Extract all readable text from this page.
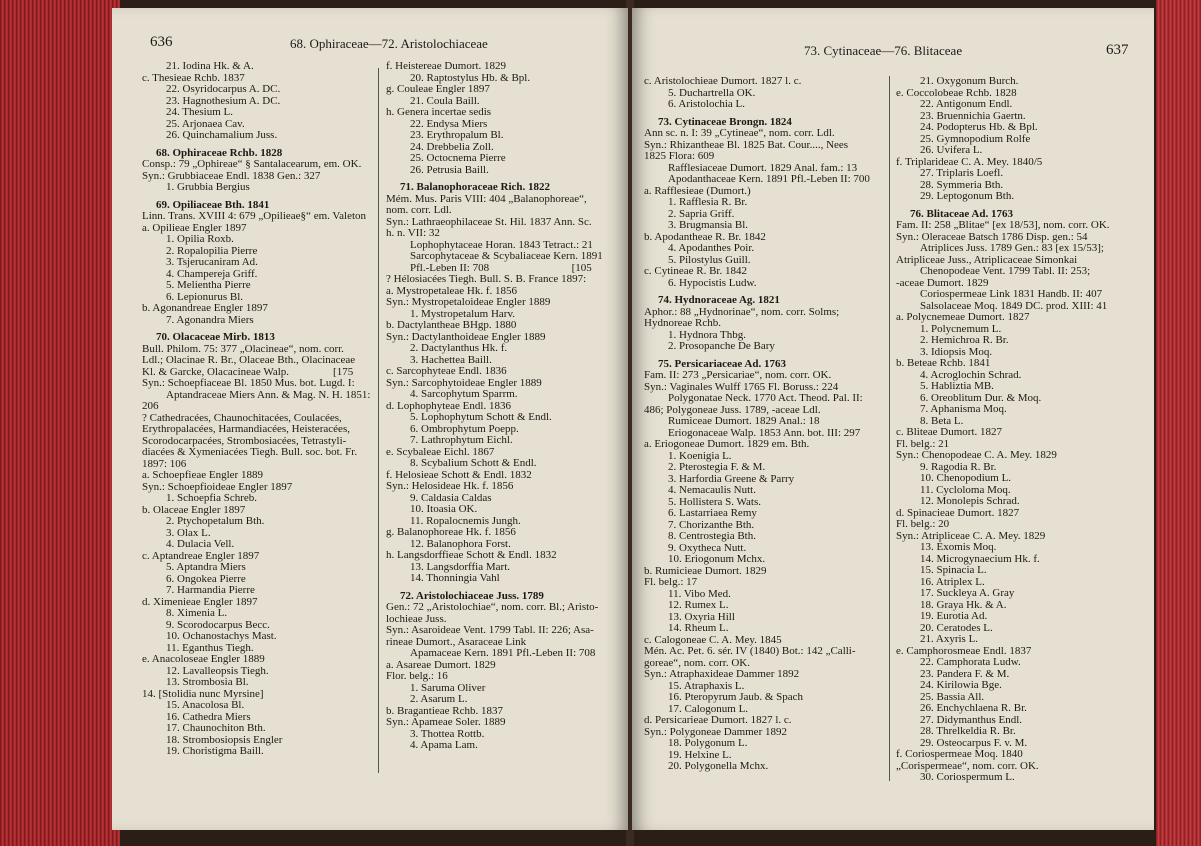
636	68. Ophiraceae—72. Aristolochiaceae
21. Iodina Hk. & A.
c. Thesieae Rchb. 1837
22. Osyridocarpus A. DC.
23. Hagnothesium A. DC.
24. Thesium L.
25. Arjonaea Cav.
26. Quinchamalium Juss.
68. Ophiraceae Rchb. 1828
Consp.: 79 „Ophireae“ § Santalacearum, em. OK.
Syn.: Grubbiaceae Endl. 1838 Gen.: 327
1. Grubbia Bergius
69. Opiliaceae Bth. 1841
Linn. Trans. XVIII 4: 679 „Opilieae§“ em. Valeton
a. Opilieae Engler 1897
1. Opilia Roxb.
2. Ropalopilia Pierre
3. Tsjerucaniram Ad.
4. Champereja Griff.
5. Melientha Pierre
6. Lepionurus Bl.
b. Agonandreae Engler 1897
7. Agonandra Miers
70. Olacaceae Mirb. 1813
Bull. Philom. 75: 377 „Olacineae“, nom. corr.
Ldl.; Olacinae R. Br., Olaceae Bth., Olacinaceae
Kl. & Garcke, Olacacineae Walp.                [175
Syn.: Schoepfiaceae Bl. 1850 Mus. bot. Lugd. I:
Aptandraceae Miers Ann. & Mag. N. H. 1851:
206
? Cathedracées, Chaunochitacées, Coulacées,
Erythropalacées, Harmandiacées, Heisteracées,
Scorodocarpacées, Strombosiacées, Tetrastyli-
diacées & Xymeniacées Tiegh. Bull. soc. bot. Fr.
1897: 106
a. Schoepfieae Engler 1889
Syn.: Schoepfioideae Engler 1897
1. Schoepfia Schreb.
b. Olaceae Engler 1897
2. Ptychopetalum Bth.
3. Olax L.
4. Dulacia Vell.
c. Aptandreae Engler 1897
5. Aptandra Miers
6. Ongokea Pierre
7. Harmandia Pierre
d. Ximenieae Engler 1897
8. Ximenia L.
9. Scorodocarpus Becc.
10. Ochanostachys Mast.
11. Eganthus Tiegh.
e. Anacoloseae Engler 1889
12. Lavalleopsis Tiegh.
13. Strombosia Bl.
14. [Stolidia nunc Myrsine]
15. Anacolosa Bl.
16. Cathedra Miers
17. Chaunochiton Bth.
18. Strombosiopsis Engler
19. Choristigma Baill.
f. Heistereae Dumort. 1829
20. Raptostylus Hb. & Bpl.
g. Couleae Engler 1897
21. Coula Baill.
h. Genera incertae sedis
22. Endysa Miers
23. Erythropalum Bl.
24. Drebbelia Zoll.
25. Octocnema Pierre
26. Petrusia Baill.
71. Balanophoraceae Rich. 1822
Mém. Mus. Paris VIII: 404 „Balanophoreae“,
nom. corr. Ldl.
Syn.: Lathraeophilaceae St. Hil. 1837 Ann. Sc.
h. n. VII: 32
Lophophytaceae Horan. 1843 Tetract.: 21
Sarcophytaceae & Scybaliaceae Kern. 1891
Pfl.-Leben II: 708                              [105
? Hélosiacées Tiegh. Bull. S. B. France 1897:
a. Mystropetaleae Hk. f. 1856
Syn.: Mystropetaloideae Engler 1889
1. Mystropetalum Harv.
b. Dactylantheae BHgp. 1880
Syn.: Dactylanthoideae Engler 1889
2. Dactylanthus Hk. f.
3. Hachettea Baill.
c. Sarcophyteae Endl. 1836
Syn.: Sarcophytoideae Engler 1889
4. Sarcophytum Sparrm.
d. Lophophyteae Endl. 1836
5. Lophophytum Schott & Endl.
6. Ombrophytum Poepp.
7. Lathrophytum Eichl.
e. Scybaleae Eichl. 1867
8. Scybalium Schott & Endl.
f. Helosieae Schott & Endl. 1832
Syn.: Helosideae Hk. f. 1856
9. Caldasia Caldas
10. Itoasia OK.
11. Ropalocnemis Jungh.
g. Balanophoreae Hk. f. 1856
12. Balanophora Forst.
h. Langsdorffieae Schott & Endl. 1832
13. Langsdorffia Mart.
14. Thonningia Vahl
72. Aristolochiaceae Juss. 1789
Gen.: 72 „Aristolochiae“, nom. corr. Bl.; Aristo-
lochieae Juss.
Syn.: Asaroideae Vent. 1799 Tabl. II: 226; Asa-
rineae Dumort., Asaraceae Link
Apamaceae Kern. 1891 Pfl.-Leben II: 708
a. Asareae Dumort. 1829
Flor. belg.: 16
1. Saruma Oliver
2. Asarum L.
b. Bragantieae Rchb. 1837
Syn.: Apameae Soler. 1889
3. Thottea Rottb.
4. Apama Lam.
73. Cytinaceae—76. Blitaceae	637
c. Aristolochieae Dumort. 1827 l. c.
5. Duchartrella OK.
6. Aristolochia L.
73. Cytinaceae Brongn. 1824
Ann sc. n. I: 39 „Cytineae“, nom. corr. Ldl.
Syn.: Rhizantheae Bl. 1825 Bat. Cour...., Nees
1825 Flora: 609
Rafflesiaceae Dumort. 1829 Anal. fam.: 13
Apodanthaceae Kern. 1891 Pfl.-Leben II: 700
a. Rafflesieae (Dumort.)
1. Rafflesia R. Br.
2. Sapria Griff.
3. Brugmansia Bl.
b. Apodantheae R. Br. 1842
4. Apodanthes Poir.
5. Pilostylus Guill.
c. Cytineae R. Br. 1842
6. Hypocistis Ludw.
74. Hydnoraceae Ag. 1821
Aphor.: 88 „Hydnorinae“, nom. corr. Solms;
Hydnoreae Rchb.
1. Hydnora Thbg.
2. Prosopanche De Bary
75. Persicariaceae Ad. 1763
Fam. II: 273 „Persicariae“, nom. corr. OK.
Syn.: Vaginales Wulff 1765 Fl. Boruss.: 224
Polygonatae Neck. 1770 Act. Theod. Pal. II:
486; Polygoneae Juss. 1789, -aceae Ldl.
Rumiceae Dumort. 1829 Anal.: 18
Eriogonaceae Walp. 1853 Ann. bot. III: 297
a. Eriogoneae Dumort. 1829 em. Bth.
1. Koenigia L.
2. Pterostegia F. & M.
3. Harfordia Greene & Parry
4. Nemacaulis Nutt.
5. Hollistera S. Wats.
6. Lastarriaea Remy
7. Chorizanthe Bth.
8. Centrostegia Bth.
9. Oxytheca Nutt.
10. Eriogonum Mchx.
b. Rumicieae Dumort. 1829
Fl. belg.: 17
11. Vibo Med.
12. Rumex L.
13. Oxyria Hill
14. Rheum L.
c. Calogoneae C. A. Mey. 1845
Mén. Ac. Pet. 6. sér. IV (1840) Bot.: 142 „Calli-
goreae“, nom. corr. OK.
Syn.: Atraphaxideae Dammer 1892
15. Atraphaxis L.
16. Pteropyrum Jaub. & Spach
17. Calogonum L.
d. Persicarieae Dumort. 1827 l. c.
Syn.: Polygoneae Dammer 1892
18. Polygonum L.
19. Helxine L.
20. Polygonella Mchx.
21. Oxygonum Burch.
e. Coccolobeae Rchb. 1828
22. Antigonum Endl.
23. Bruennichia Gaertn.
24. Podopterus Hb. & Bpl.
25. Gymnopodium Rolfe
26. Uvifera L.
f. Triplarideae C. A. Mey. 1840/5
27. Triplaris Loefl.
28. Symmeria Bth.
29. Leptogonum Bth.
76. Blitaceae Ad. 1763
Fam. II: 258 „Blitae“ [ex 18/53], nom. corr. OK.
Syn.: Oleraceae Batsch 1786 Disp. gen.: 54
Atriplices Juss. 1789 Gen.: 83 [ex 15/53];
Atripliceae Juss., Atriplicaceae Simonkai
Chenopodeae Vent. 1799 Tabl. II: 253;
-aceae Dumort. 1829
Coriospermeae Link 1831 Handb. II: 407
Salsolaceae Moq. 1849 DC. prod. XIII: 41
a. Polycnemeae Dumort. 1827
1. Polycnemum L.
2. Hemichroa R. Br.
3. Idiopsis Moq.
b. Beteae Rchb. 1841
4. Acroglochin Schrad.
5. Habliztia MB.
6. Oreoblitum Dur. & Moq.
7. Aphanisma Moq.
8. Beta L.
c. Bliteae Dumort. 1827
Fl. belg.: 21
Syn.: Chenopodeae C. A. Mey. 1829
9. Ragodia R. Br.
10. Chenopodium L.
11. Cycloloma Moq.
12. Monolepis Schrad.
d. Spinacieae Dumort. 1827
Fl. belg.: 20
Syn.: Atripliceae C. A. Mey. 1829
13. Exomis Moq.
14. Microgynaecium Hk. f.
15. Spinacia L.
16. Atriplex L.
17. Suckleya A. Gray
18. Graya Hk. & A.
19. Eurotia Ad.
20. Ceratodes L.
21. Axyris L.
e. Camphorosmeae Endl. 1837
22. Camphorata Ludw.
23. Pandera F. & M.
24. Kirilowia Bge.
25. Bassia All.
26. Enchychlaena R. Br.
27. Didymanthus Endl.
28. Threlkeldia R. Br.
29. Osteocarpus F. v. M.
f. Coriospermeae Moq. 1840
„Corispermeae“, nom. corr. OK.
30. Coriospermum L.
